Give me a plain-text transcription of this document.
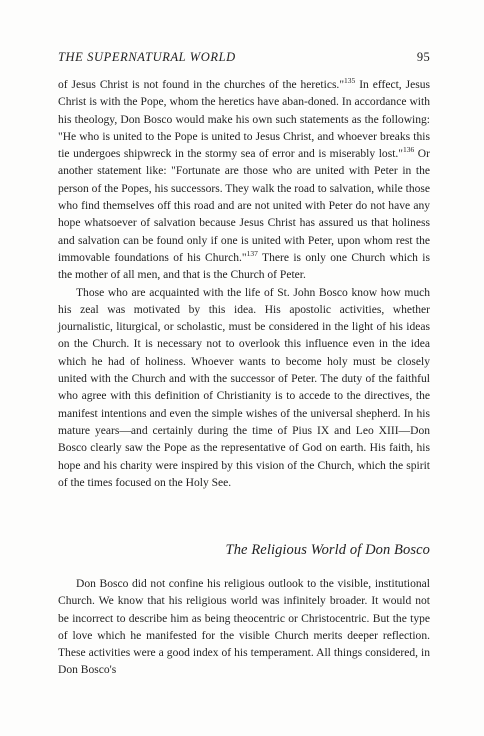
THE SUPERNATURAL WORLD	95

of Jesus Christ is not found in the churches of the heretics."$^{135}$ In effect, Jesus Christ is with the Pope, whom the heretics have aban-doned. In accordance with his theology, Don Bosco would make his own such statements as the following: "He who is united to the Pope is united to Jesus Christ, and whoever breaks this tie undergoes shipwreck in the stormy sea of error and is miserably lost."$^{136}$ Or another statement like: "Fortunate are those who are united with Peter in the person of the Popes, his successors. They walk the road to salvation, while those who find themselves off this road and are not united with Peter do not have any hope whatsoever of salvation because Jesus Christ has assured us that holiness and salvation can be found only if one is united with Peter, upon whom rest the immovable foundations of his Church."$^{137}$ There is only one Church which is the mother of all men, and that is the Church of Peter.

Those who are acquainted with the life of St. John Bosco know how much his zeal was motivated by this idea. His apostolic activities, whether journalistic, liturgical, or scholastic, must be considered in the light of his ideas on the Church. It is necessary not to overlook this influence even in the idea which he had of holiness. Whoever wants to become holy must be closely united with the Church and with the successor of Peter. The duty of the faithful who agree with this definition of Christianity is to accede to the directives, the manifest intentions and even the simple wishes of the universal shepherd. In his mature years—and certainly during the time of Pius IX and Leo XIII—Don Bosco clearly saw the Pope as the representative of God on earth. His faith, his hope and his charity were inspired by this vision of the Church, which the spirit of the times focused on the Holy See.

The Religious World of Don Bosco

Don Bosco did not confine his religious outlook to the visible, institutional Church. We know that his religious world was infinitely broader. It would not be incorrect to describe him as being theocentric or Christocentric. But the type of love which he manifested for the visible Church merits deeper reflection. These activities were a good index of his temperament. All things considered, in Don Bosco's
